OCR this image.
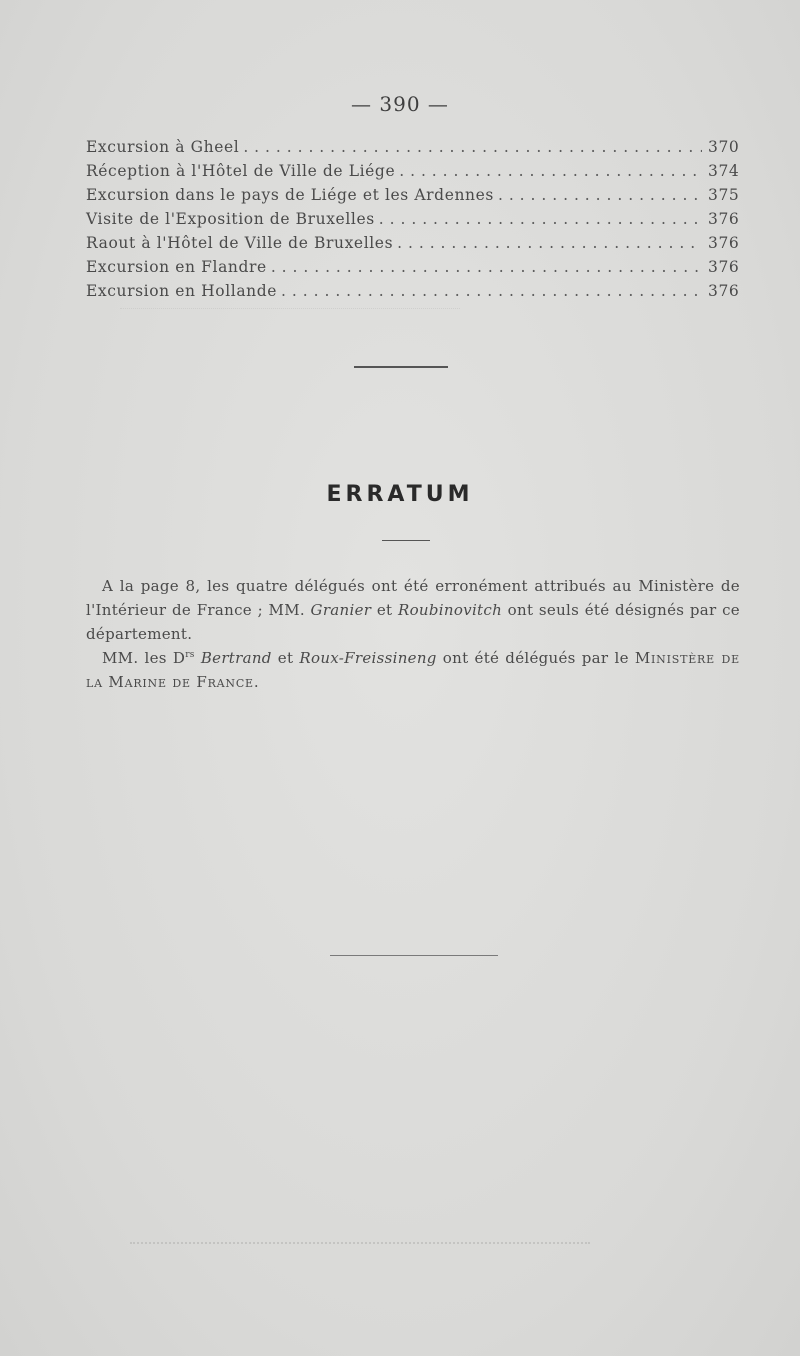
— 390 —
Excursion à Gheel . . .	370
Réception à l'Hôtel de Ville de Liége . . .	374
Excursion dans le pays de Liége et les Ardennes . . .	375
Visite de l'Exposition de Bruxelles . . .	376
Raout à l'Hôtel de Ville de Bruxelles . . .	376
Excursion en Flandre . . .	376
Excursion en Hollande . . .	376
ERRATUM

A la page 8, les quatre délégués ont été erronément attribués au Ministère de l'Intérieur de France ; MM. Granier et Roubinovitch ont seuls été désignés par ce département.

MM. les $D^{rs}$ Bertrand et Roux-Freissineng ont été délégués par le Ministère de la Marine de France.
